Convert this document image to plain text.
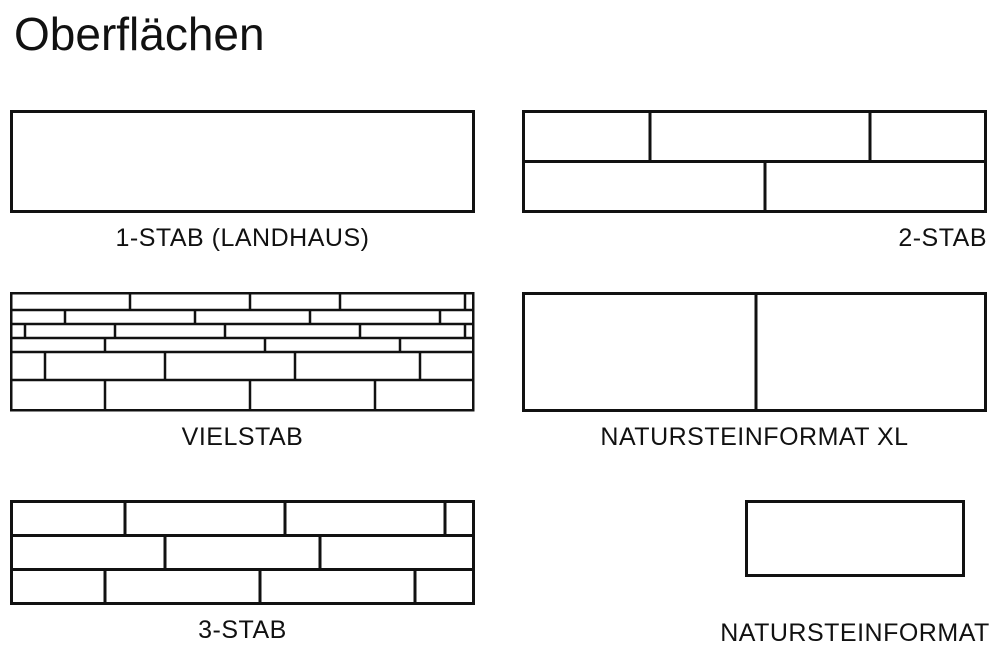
Oberflächen
1-STAB (LANDHAUS)	2-STAB
VIELSTAB	NATURSTEINFORMAT XL
3-STAB	NATURSTEINFORMAT
